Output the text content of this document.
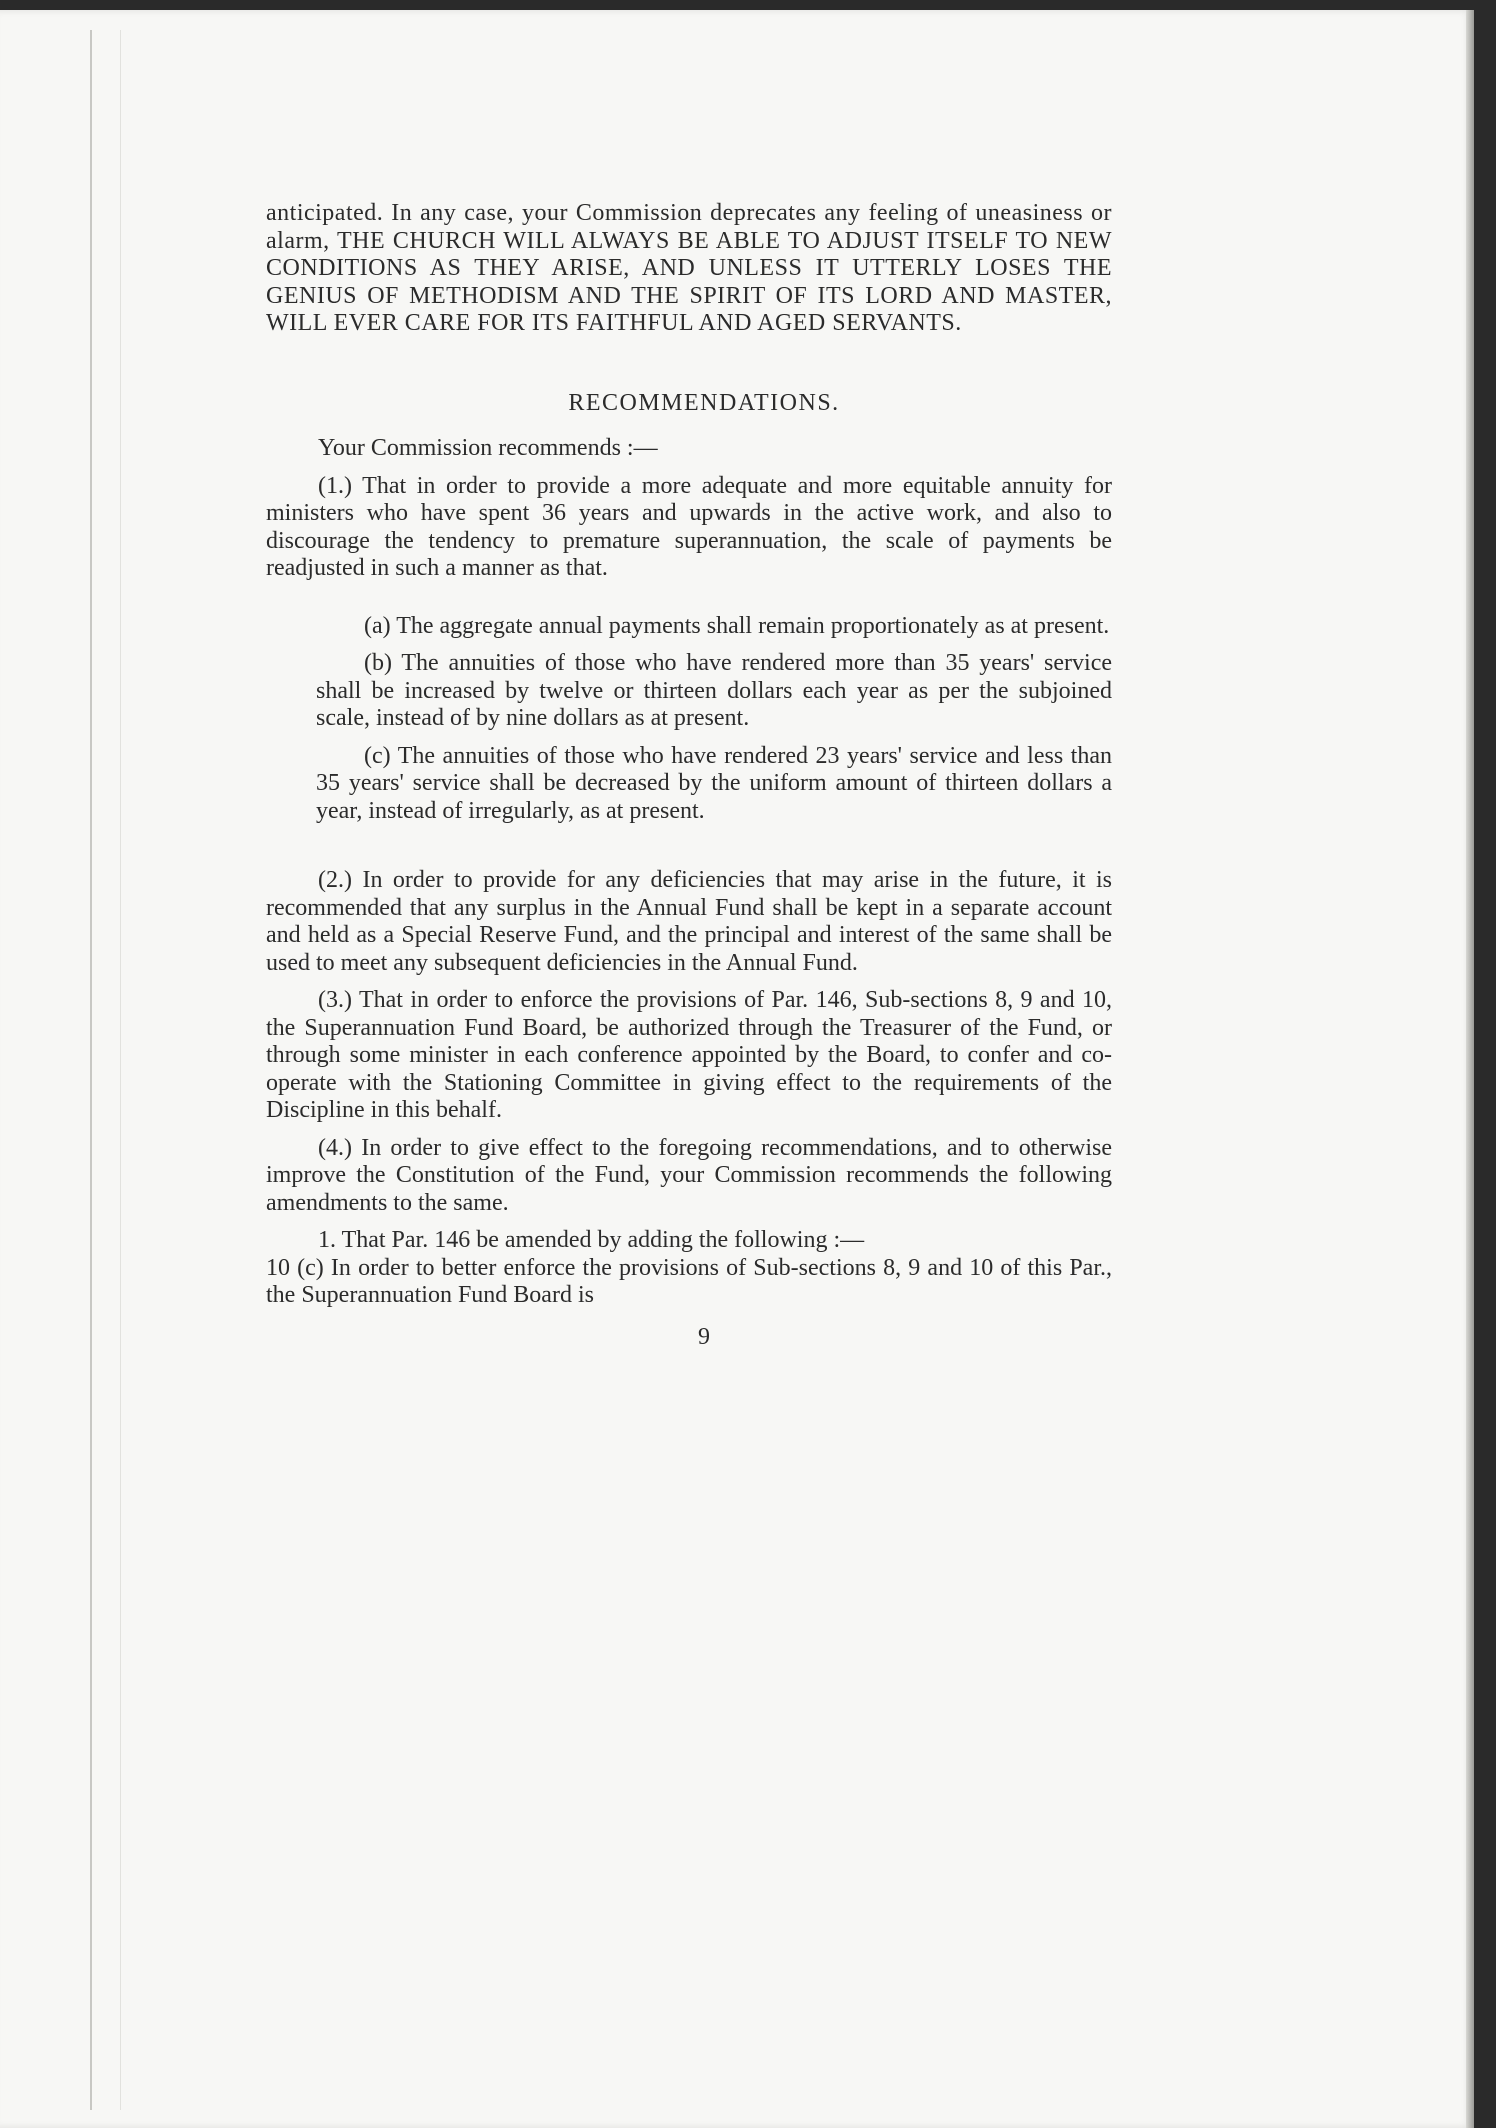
anticipated. In any case, your Commission deprecates any feeling of uneasiness or alarm, THE CHURCH WILL ALWAYS BE ABLE TO ADJUST ITSELF TO NEW CONDITIONS AS THEY ARISE, AND UNLESS IT UTTERLY LOSES THE GENIUS OF METHODISM AND THE SPIRIT OF ITS LORD AND MASTER, WILL EVER CARE FOR ITS FAITHFUL AND AGED SERVANTS.

RECOMMENDATIONS.

Your Commission recommends :—

(1.) That in order to provide a more adequate and more equitable annuity for ministers who have spent 36 years and upwards in the active work, and also to discourage the tendency to premature superannuation, the scale of payments be readjusted in such a manner as that.

(a) The aggregate annual payments shall remain proportionately as at present.

(b) The annuities of those who have rendered more than 35 years' service shall be increased by twelve or thirteen dollars each year as per the subjoined scale, instead of by nine dollars as at present.

(c) The annuities of those who have rendered 23 years' service and less than 35 years' service shall be decreased by the uniform amount of thirteen dollars a year, instead of irregularly, as at present.

(2.) In order to provide for any deficiencies that may arise in the future, it is recommended that any surplus in the Annual Fund shall be kept in a separate account and held as a Special Reserve Fund, and the principal and interest of the same shall be used to meet any subsequent deficiencies in the Annual Fund.

(3.) That in order to enforce the provisions of Par. 146, Sub-sections 8, 9 and 10, the Superannuation Fund Board, be authorized through the Treasurer of the Fund, or through some minister in each conference appointed by the Board, to confer and co-operate with the Stationing Committee in giving effect to the requirements of the Discipline in this behalf.

(4.) In order to give effect to the foregoing recommendations, and to otherwise improve the Constitution of the Fund, your Commission recommends the following amendments to the same.

1. That Par. 146 be amended by adding the following :—

10 (c) In order to better enforce the provisions of Sub-sections 8, 9 and 10 of this Par., the Superannuation Fund Board is

9
